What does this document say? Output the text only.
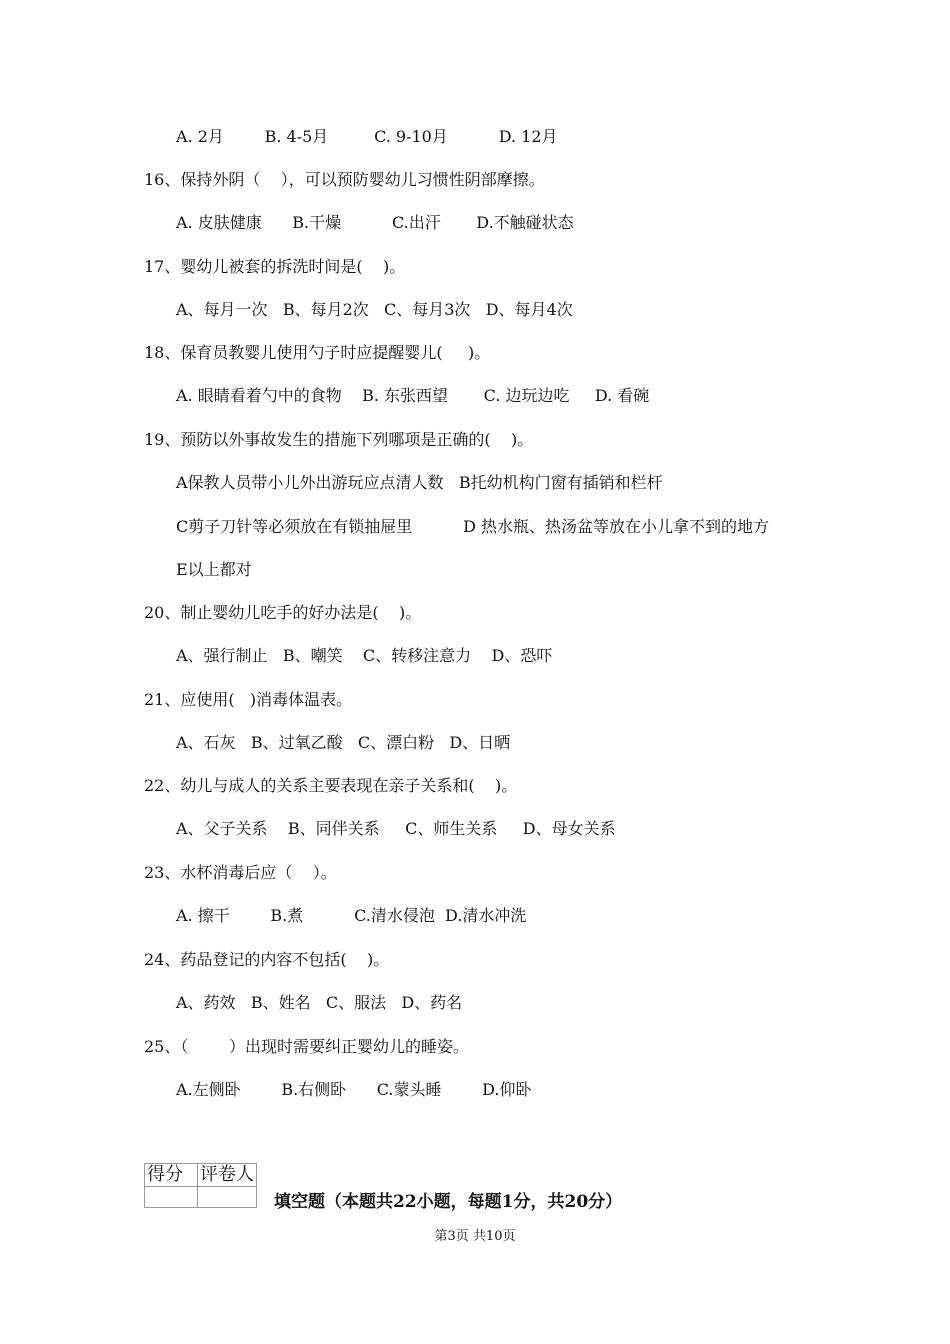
A. 2月        B. 4-5月         C. 9-10月          D. 12月
16、保持外阴（    ），可以预防婴幼儿习惯性阴部摩擦。
A. 皮肤健康      B.干燥          C.出汗       D.不触碰状态
17、婴幼儿被套的拆洗时间是(    )。
A、每月一次   B、每月2次   C、每月3次   D、每月4次
18、保育员教婴儿使用勺子时应提醒婴儿(     )。
A. 眼睛看着勺中的食物    B. 东张西望       C. 边玩边吃     D. 看碗
19、预防以外事故发生的措施下列哪项是正确的(    )。
A保教人员带小儿外出游玩应点清人数   B托幼机构门窗有插销和栏杆
C剪子刀针等必须放在有锁抽屉里          D 热水瓶、热汤盆等放在小儿拿不到的地方
E以上都对
20、制止婴幼儿吃手的好办法是(    )。
A、强行制止   B、嘲笑    C、转移注意力    D、恐吓
21、应使用(   )消毒体温表。
A、石灰   B、过氧乙酸   C、漂白粉   D、日晒
22、幼儿与成人的关系主要表现在亲子关系和(    )。
A、父子关系    B、同伴关系     C、师生关系     D、母女关系
23、水杯消毒后应（    ）。
A. 擦干        B.煮          C.清水侵泡  D.清水冲洗
24、药品登记的内容不包括(    )。
A、药效   B、姓名   C、服法   D、药名
25、（        ）出现时需要纠正婴幼儿的睡姿。
A.左侧卧        B.右侧卧      C.蒙头睡        D.仰卧
得分	评卷人

填空题（本题共22小题，每题1分，共20分）
第3页 共10页
